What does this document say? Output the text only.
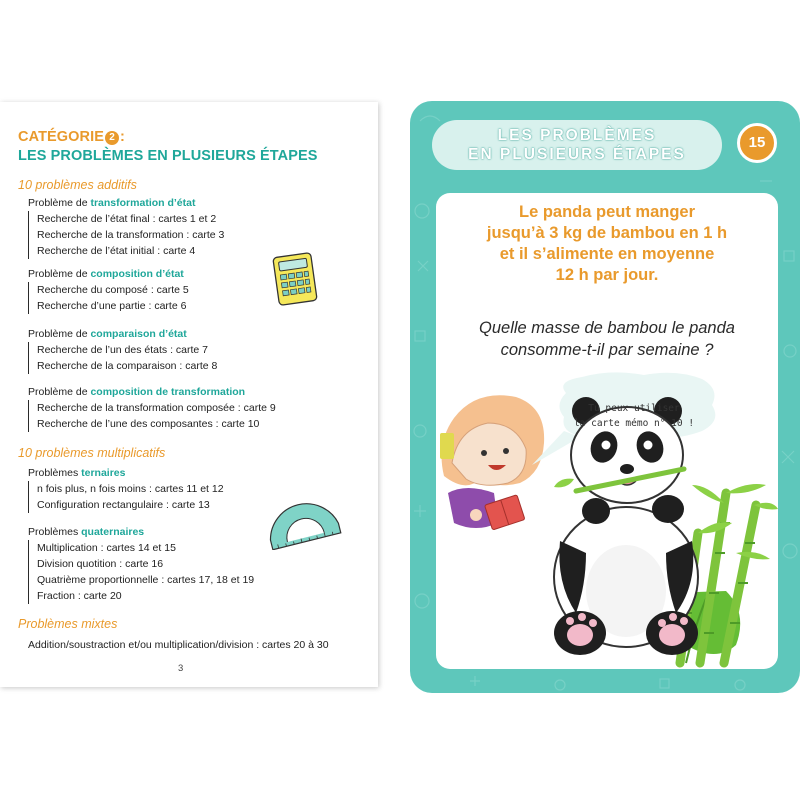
CATÉGORIE 2 :
LES PROBLÈMES EN PLUSIEURS ÉTAPES
10 problèmes additifs
Problème de transformation d’état
Recherche de l’état final : cartes 1 et 2
Recherche de la transformation : carte 3
Recherche de l’état initial : carte 4
Problème de composition d’état
Recherche du composé : carte 5
Recherche d’une partie : carte 6
Problème de comparaison d’état
Recherche de l’un des états : carte 7
Recherche de la comparaison : carte 8
Problème de composition de transformation
Recherche de la transformation composée : carte 9
Recherche de l’une des composantes : carte 10
10 problèmes multiplicatifs
Problèmes ternaires
n fois plus, n fois moins : cartes 11 et 12
Configuration rectangulaire : carte 13
Problèmes quaternaires
Multiplication : cartes 14 et 15
Division quotition : carte 16
Quatrième proportionnelle : cartes 17, 18 et 19
Fraction : carte 20
Problèmes mixtes
Addition/soustraction et/ou multiplication/division : cartes 20 à 30
3
LES PROBLÈMES
EN PLUSIEURS ÉTAPES
15
Le panda peut manger
jusqu’à 3 kg de bambou en 1 h
et il s’alimente en moyenne
12 h par jour.
Quelle masse de bambou le panda
consomme-t-il par semaine ?
Tu peux utiliser
la carte mémo n° 10 !
